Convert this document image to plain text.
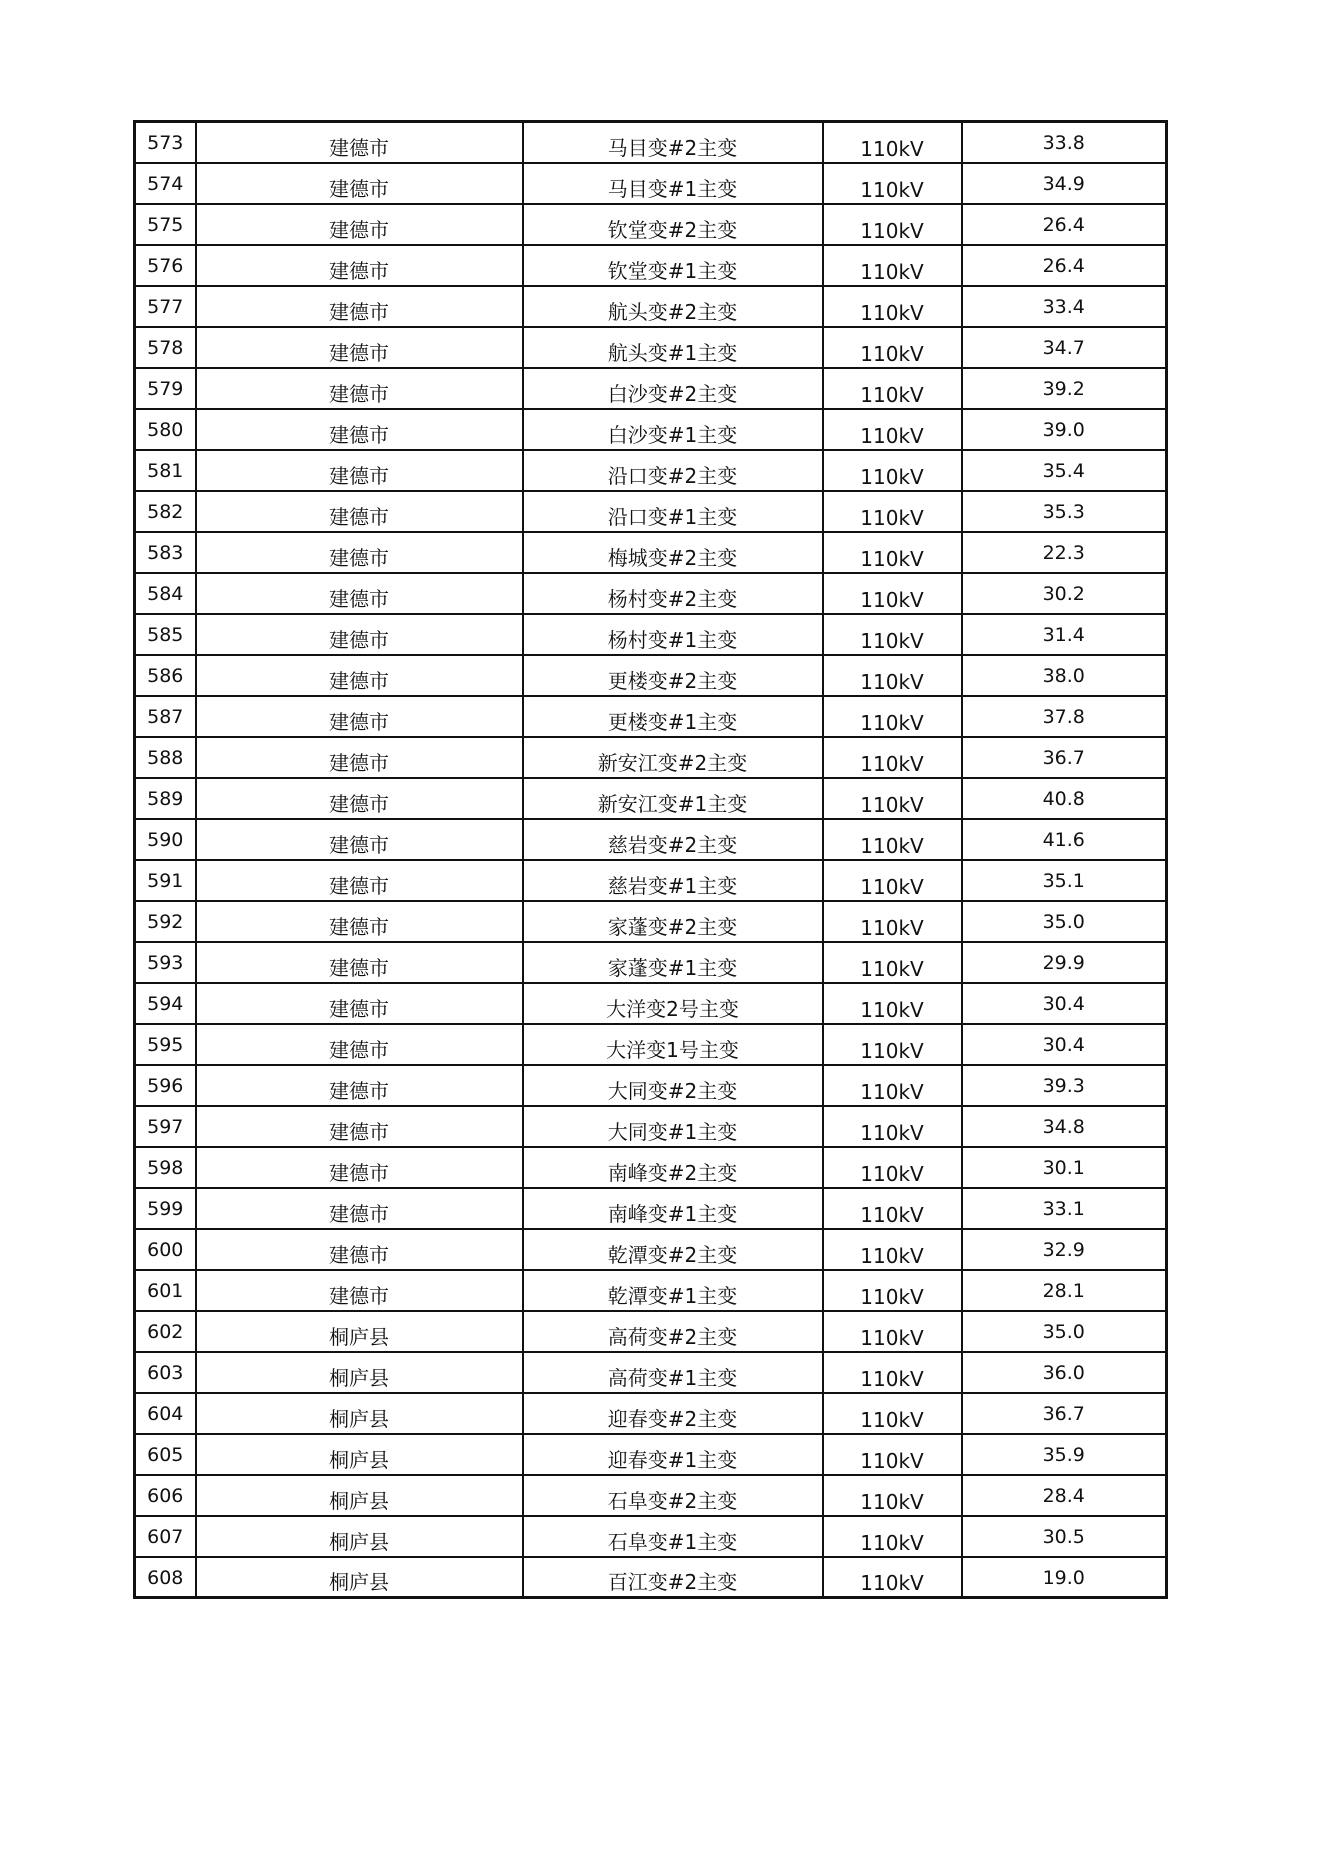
573	建德市	马目变#2主变	110kV	33.8
574	建德市	马目变#1主变	110kV	34.9
575	建德市	钦堂变#2主变	110kV	26.4
576	建德市	钦堂变#1主变	110kV	26.4
577	建德市	航头变#2主变	110kV	33.4
578	建德市	航头变#1主变	110kV	34.7
579	建德市	白沙变#2主变	110kV	39.2
580	建德市	白沙变#1主变	110kV	39.0
581	建德市	沿口变#2主变	110kV	35.4
582	建德市	沿口变#1主变	110kV	35.3
583	建德市	梅城变#2主变	110kV	22.3
584	建德市	杨村变#2主变	110kV	30.2
585	建德市	杨村变#1主变	110kV	31.4
586	建德市	更楼变#2主变	110kV	38.0
587	建德市	更楼变#1主变	110kV	37.8
588	建德市	新安江变#2主变	110kV	36.7
589	建德市	新安江变#1主变	110kV	40.8
590	建德市	慈岩变#2主变	110kV	41.6
591	建德市	慈岩变#1主变	110kV	35.1
592	建德市	家蓬变#2主变	110kV	35.0
593	建德市	家蓬变#1主变	110kV	29.9
594	建德市	大洋变2号主变	110kV	30.4
595	建德市	大洋变1号主变	110kV	30.4
596	建德市	大同变#2主变	110kV	39.3
597	建德市	大同变#1主变	110kV	34.8
598	建德市	南峰变#2主变	110kV	30.1
599	建德市	南峰变#1主变	110kV	33.1
600	建德市	乾潭变#2主变	110kV	32.9
601	建德市	乾潭变#1主变	110kV	28.1
602	桐庐县	高荷变#2主变	110kV	35.0
603	桐庐县	高荷变#1主变	110kV	36.0
604	桐庐县	迎春变#2主变	110kV	36.7
605	桐庐县	迎春变#1主变	110kV	35.9
606	桐庐县	石阜变#2主变	110kV	28.4
607	桐庐县	石阜变#1主变	110kV	30.5
608	桐庐县	百江变#2主变	110kV	19.0
